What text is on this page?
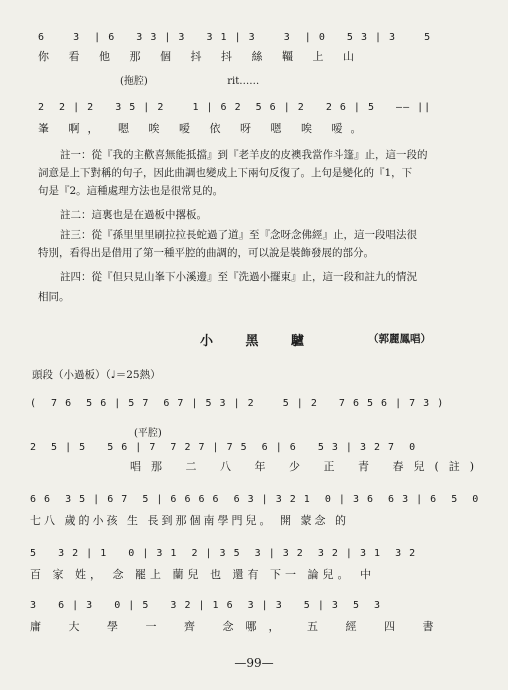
6    3  | 6   3 3 | 3   3 1 | 3    3  | 0   5 3 | 3    5
你 看 他 那 個 抖 抖 絲 韁 上 山
(拖腔)                         rit……
2  2 | 2   3 5 | 2    1 | 6 2  5 6 | 2   2 6 | 5   —— ||
峯 啊， 嗯 唉 嗳 依 呀 嗯 唉 嗳。
註一：從『我的主歡喜無能抵擋』到『老羊皮的皮襖我當作斗篷』止，這一段的
詞意是上下對稱的句子，因此曲調也變成上下兩句反復了。上句是變化的『1，下
句是『2。這種處理方法也是很常見的。
註二：這裏也是在過板中撂板。
註三：從『孫里里里刷拉拉長蛇過了道』至『念呀念佛經』止，這一段唱法很
特別，看得出是借用了第一種平腔的曲調的，可以說是裝飾發展的部分。
註四：從『但只見山峯下小溪邊』至『洗過小擺東』止，這一段和註九的情況
相同。
小 黑 驢	（郭麗鳳唱）
頭段（小過板）（♩＝25熱）
(  7 6  5 6 | 5 7  6 7 | 5 3 | 2    5 | 2   7 6 5 6 | 7 3 )
(平腔)
2  5 | 5   5 6 | 7  7 2 7 | 7 5  6 | 6   5 3 | 3 2 7  0
唱那 二 八 年 少 正 青 春兒(註)
6 6  3 5 | 6 7  5 | 6 6 6 6  6 3 | 3 2 1  0 | 3 6  6 3 | 6  5  0
七八 歲的小孩 生 長到那個南學門兒。 開 蒙念 的
5   3 2 | 1   0 | 3 1  2 | 3 5  3 | 3 2  3 2 | 3 1  3 2
百 家 姓， 念 罷上 蘭兒 也 還有 下一 論兒。 中
3   6 | 3   0 | 5   3 2 | 1 6  3 | 3   5 | 3  5  3
庸 大 學 一 齊 念哪， 五 經 四 書
—99—
